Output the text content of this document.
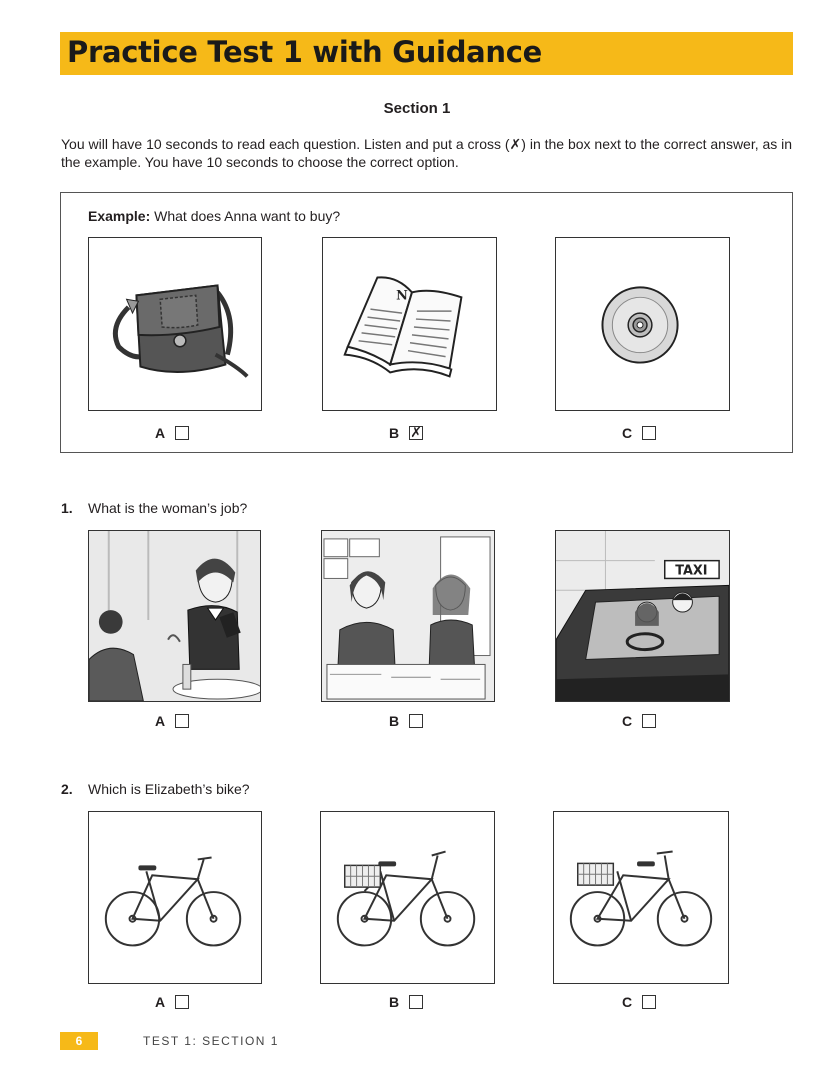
Practice Test 1 with Guidance
Section 1
You will have 10 seconds to read each question. Listen and put a cross (✗) in the box next to the correct answer, as in the example. You have 10 seconds to choose the correct option.
Example: What does Anna want to buy?
A
N
B ✗	C
1. What is the woman’s job?
A	B
TAXI
C
2. Which is Elizabeth’s bike?
A	B	C
6	TEST 1: SECTION 1
